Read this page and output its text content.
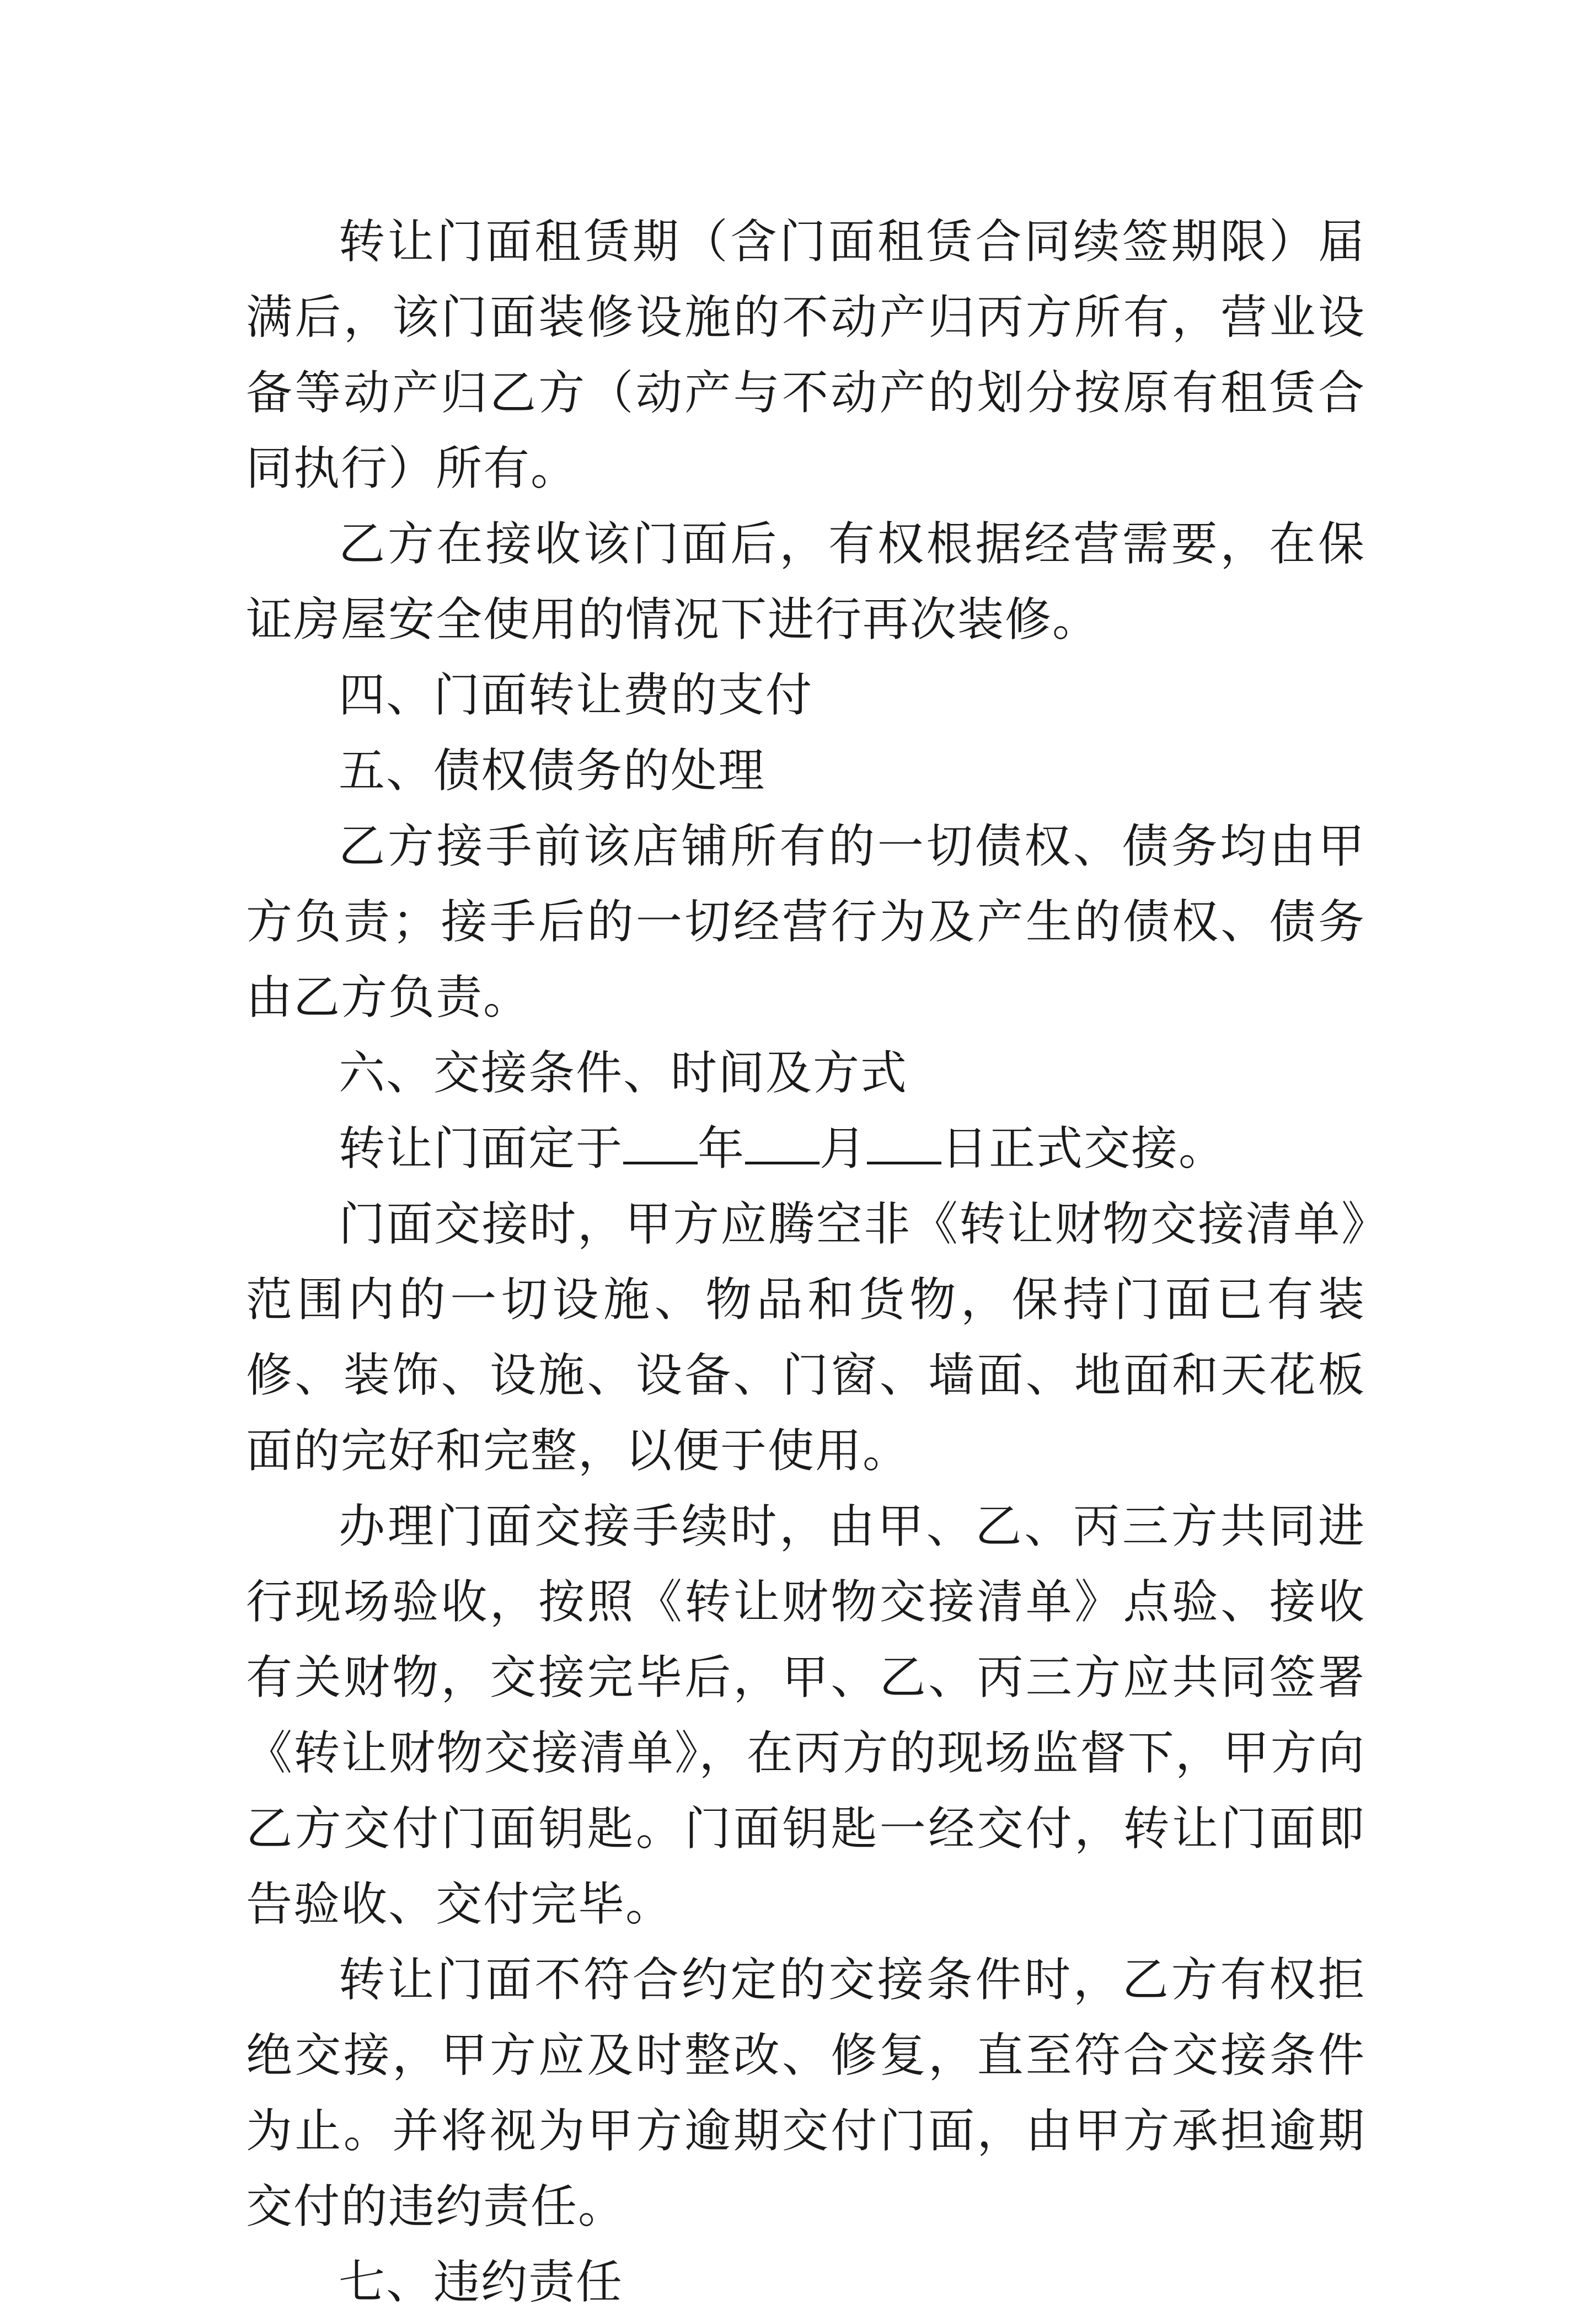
转让门面租赁期（含门面租赁合同续签期限）届满后，该门面装修设施的不动产归丙方所有，营业设备等动产归乙方（动产与不动产的划分按原有租赁合同执行）所有。

乙方在接收该门面后，有权根据经营需要，在保证房屋安全使用的情况下进行再次装修。

四、门面转让费的支付

五、债权债务的处理

乙方接手前该店铺所有的一切债权、债务均由甲方负责；接手后的一切经营行为及产生的债权、债务由乙方负责。

六、交接条件、时间及方式

转让门面定于 年 月 日正式交接。

门面交接时，甲方应腾空非《转让财物交接清单》范围内的一切设施、物品和货物，保持门面已有装修、装饰、设施、设备、门窗、墙面、地面和天花板面的完好和完整，以便于使用。

办理门面交接手续时，由甲、乙、丙三方共同进行现场验收，按照《转让财物交接清单》点验、接收有关财物，交接完毕后，甲、乙、丙三方应共同签署《转让财物交接清单》，在丙方的现场监督下，甲方向乙方交付门面钥匙。门面钥匙一经交付，转让门面即告验收、交付完毕。

转让门面不符合约定的交接条件时，乙方有权拒绝交接，甲方应及时整改、修复，直至符合交接条件为止。并将视为甲方逾期交付门面，由甲方承担逾期交付的违约责任。

七、违约责任
